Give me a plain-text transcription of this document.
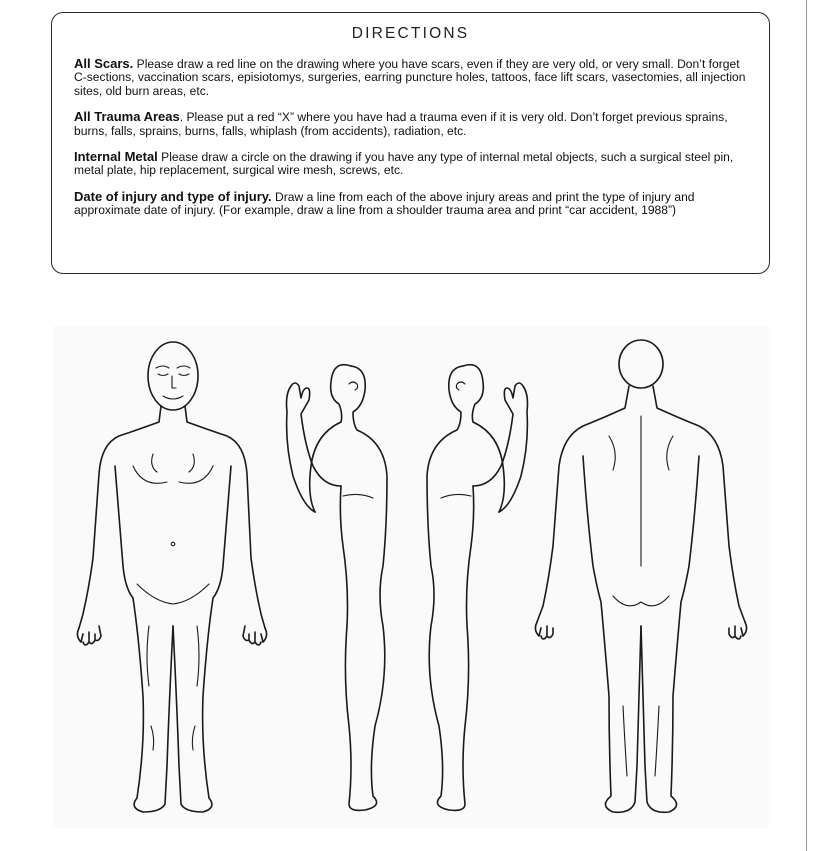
DIRECTIONS

All Scars. Please draw a red line on the drawing where you have scars, even if they are very old, or very small. Don’t forget C-sections, vaccination scars, episiotomys, surgeries, earring puncture holes, tattoos, face lift scars, vasectomies, all injection sites, old burn areas, etc.

All Trauma Areas. Please put a red “X” where you have had a trauma even if it is very old. Don’t forget previous sprains, burns, falls, sprains, burns, falls, whiplash (from accidents), radiation, etc.

Internal Metal Please draw a circle on the drawing if you have any type of internal metal objects, such a surgical steel pin, metal plate, hip replacement, surgical wire mesh, screws, etc.

Date of injury and type of injury. Draw a line from each of the above injury areas and print the type of injury and approximate date of injury. (For example, draw a line from a shoulder trauma area and print “car accident, 1988”)
